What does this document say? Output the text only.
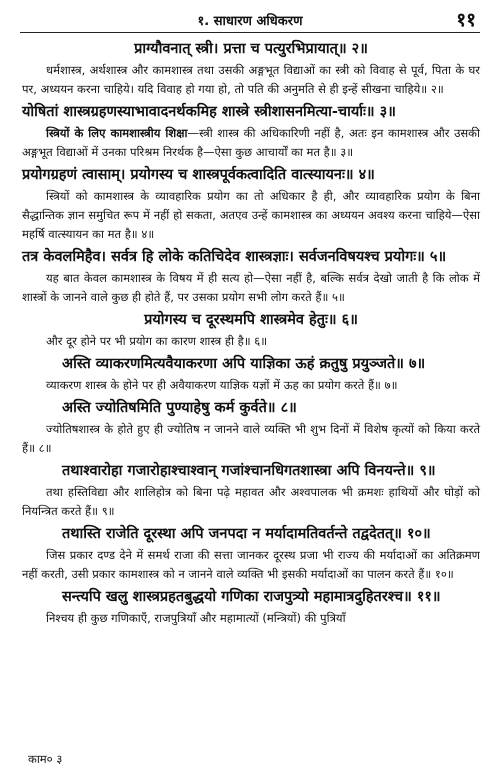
१. साधारण अधिकरण	११
प्राग्यौवनात् स्त्री। प्रत्ता च पत्युरभिप्रायात्॥ २॥
धर्मशास्त्र, अर्थशास्त्र और कामशास्त्र तथा उसकी अङ्गभूत विद्याओं का स्त्री को विवाह से पूर्व, पिता के घर पर, अध्ययन करना चाहिये। यदि विवाह हो गया हो, तो पति की अनुमति से ही इन्हें सीखना चाहिये॥ २॥
योषितां शास्त्रग्रहणस्याभावादनर्थकमिह शास्त्रे स्त्रीशासनमित्या-चार्याः॥ ३॥
स्त्रियों के लिए कामशास्त्रीय शिक्षा—स्त्री शास्त्र की अधिकारिणी नहीं है, अतः इन कामशास्त्र और उसकी अङ्गभूत विद्याओं में उनका परिश्रम निरर्थक है—ऐसा कुछ आचार्यों का मत है॥ ३॥
प्रयोगग्रहणं त्वासाम्। प्रयोगस्य च शास्त्रपूर्वकत्वादिति वात्स्यायनः॥ ४॥
स्त्रियों को कामशास्त्र के व्यावहारिक प्रयोग का तो अधिकार है ही, और व्यावहारिक प्रयोग के बिना सैद्धान्तिक ज्ञान समुचित रूप में नहीं हो सकता, अतएव उन्हें कामशास्त्र का अध्ययन अवश्य करना चाहिये—ऐसा महर्षि वात्स्यायन का मत है॥ ४॥
तत्र केवलमिहैव। सर्वत्र हि लोके कतिचिदेव शास्त्रज्ञाः। सर्वजनविषयश्च प्रयोगः॥ ५॥
यह बात केवल कामशास्त्र के विषय में ही सत्य हो—ऐसा नहीं है, बल्कि सर्वत्र देखो जाती है कि लोक में शास्त्रों के जानने वाले कुछ ही होते हैं, पर उसका प्रयोग सभी लोग करते हैं॥ ५॥
प्रयोगस्य च दूरस्थमपि शास्त्रमेव हेतुः॥ ६॥
और दूर होने पर भी प्रयोग का कारण शास्त्र ही है॥ ६॥
अस्ति व्याकरणमित्यवैयाकरणा अपि याज्ञिका ऊहं क्रतुषु प्रयुञ्जते॥ ७॥
व्याकरण शास्त्र के होने पर ही अवैयाकरण याज्ञिक यज्ञों में ऊह का प्रयोग करते हैं॥ ७॥
अस्ति ज्योतिषमिति पुण्याहेषु कर्म कुर्वते॥ ८॥
ज्योतिषशास्त्र के होते हुए ही ज्योतिष न जानने वाले व्यक्ति भी शुभ दिनों में विशेष कृत्यों को किया करते हैं॥ ८॥
तथाश्वारोहा गजारोहाश्चाश्वान् गजांश्चानधिगतशास्त्रा अपि विनयन्ते॥ ९॥
तथा हस्तिविद्या और शालिहोत्र को बिना पढ़े महावत और अश्वपालक भी क्रमशः हाथियों और घोड़ों को नियन्त्रित करते हैं॥ ९॥
तथास्ति राजेति दूरस्था अपि जनपदा न मर्यादामतिवर्तन्ते तद्वदेतत्॥ १०॥
जिस प्रकार दण्ड देने में समर्थ राजा की सत्ता जानकर दूरस्थ प्रजा भी राज्य की मर्यादाओं का अतिक्रमण नहीं करती, उसी प्रकार कामशास्त्र को न जानने वाले व्यक्ति भी इसकी मर्यादाओं का पालन करते हैं॥ १०॥
सन्त्यपि खलु शास्त्रप्रहतबुद्धयो गणिका राजपुत्र्यो महामात्रदुहितरश्च॥ ११॥
निश्चय ही कुछ गणिकाएँ, राजपुत्रियाँ और महामात्यों (मन्त्रियों) की पुत्रियाँ
काम० ३
